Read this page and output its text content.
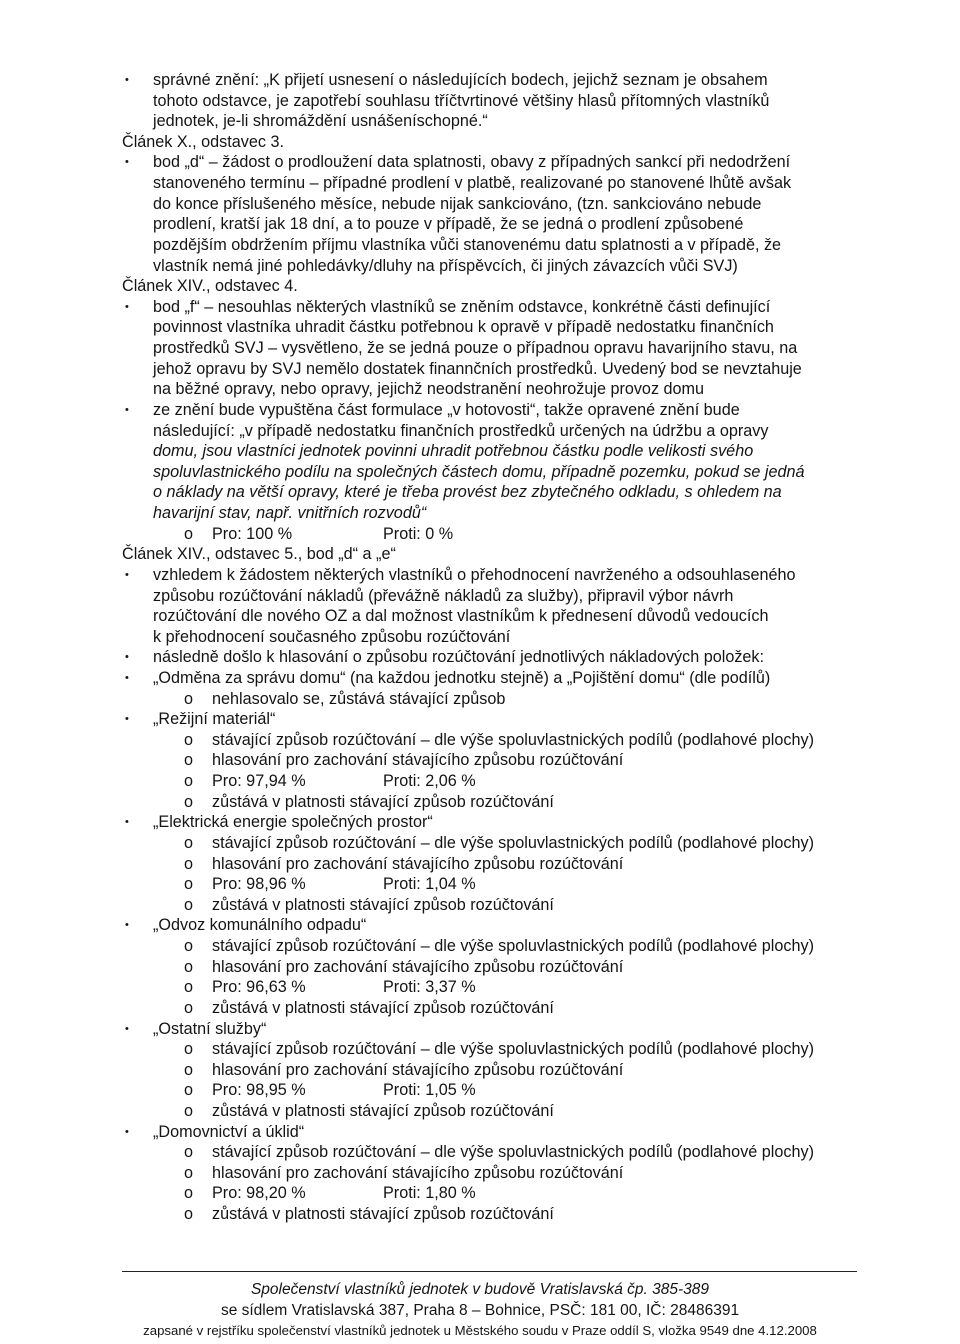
Společenství vlastníků jednotek v budově Vratislavská čp. 385-389
se sídlem Vratislavská 387, Praha 8 – Bohnice, PSČ: 181 00, IČ: 28486391
zapsané v rejstříku společenství vlastníků jednotek u Městského soudu v Praze oddíl S, vložka 9549 dne 4.12.2008
• správné znění: „K přijetí usnesení o následujících bodech, jejichž seznam je obsahem
tohoto odstavce, je zapotřebí souhlasu tříčtvrtinové většiny hlasů přítomných vlastníků
jednotek, je-li shromáždění usnášeníschopné.“
Článek X., odstavec 3.
• bod „d“ – žádost o prodloužení data splatnosti, obavy z případných sankcí při nedodržení
stanoveného termínu – případné prodlení v platbě, realizované po stanovené lhůtě avšak
do konce příslušeného měsíce, nebude nijak sankciováno, (tzn. sankciováno nebude
prodlení, kratší jak 18 dní, a to pouze v případě, že se jedná o prodlení způsobené
pozdějším obdržením příjmu vlastníka vůči stanovenému datu splatnosti a v případě, že
vlastník nemá jiné pohledávky/dluhy na příspěvcích, či jiných závazcích vůči SVJ)
Článek XIV., odstavec 4.
• bod „f“ – nesouhlas některých vlastníků se zněním odstavce, konkrétně části definující
povinnost vlastníka uhradit částku potřebnou k opravě v případě nedostatku finančních
prostředků SVJ – vysvětleno, že se jedná pouze o případnou opravu havarijního stavu, na
jehož opravu by SVJ nemělo dostatek finannčních prostředků. Uvedený bod se nevztahuje
na běžné opravy, nebo opravy, jejichž neodstranění neohrožuje provoz domu
• ze znění bude vypuštěna část formulace „v hotovosti“, takže opravené znění bude
následující: „v případě nedostatku finančních prostředků určených na údržbu a opravy
domu, jsou vlastníci jednotek povinni uhradit potřebnou částku podle velikosti svého
spoluvlastnického podílu na společných částech domu, případně pozemku, pokud se jedná
o náklady na větší opravy, které je třeba provést bez zbytečného odkladu, s ohledem na
havarijní stav, např. vnitřních rozvodů“
o Pro: 100 %	Proti: 0 %
Článek XIV., odstavec 5., bod „d“ a „e“
• vzhledem k žádostem některých vlastníků o přehodnocení navrženého a odsouhlaseného
způsobu rozúčtování nákladů (převážně nákladů za služby), připravil výbor návrh
rozúčtování dle nového OZ a dal možnost vlastníkům k přednesení důvodů vedoucích
k přehodnocení současného způsobu rozúčtování
• následně došlo k hlasování o způsobu rozúčtování jednotlivých nákladových položek:
• „Odměna za správu domu“ (na každou jednotku stejně) a „Pojištění domu“ (dle podílů)
o nehlasovalo se, zůstává stávající způsob
• „Režijní materiál“
o stávající způsob rozúčtování – dle výše spoluvlastnických podílů (podlahové plochy)
o hlasování pro zachování stávajícího způsobu rozúčtování
o Pro: 97,94 %	Proti: 2,06 %
o zůstává v platnosti stávající způsob rozúčtování
• „Elektrická energie společných prostor“
o stávající způsob rozúčtování – dle výše spoluvlastnických podílů (podlahové plochy)
o hlasování pro zachování stávajícího způsobu rozúčtování
o Pro: 98,96 %	Proti: 1,04 %
o zůstává v platnosti stávající způsob rozúčtování
• „Odvoz komunálního odpadu“
o stávající způsob rozúčtování – dle výše spoluvlastnických podílů (podlahové plochy)
o hlasování pro zachování stávajícího způsobu rozúčtování
o Pro: 96,63 %	Proti: 3,37 %
o zůstává v platnosti stávající způsob rozúčtování
• „Ostatní služby“
o stávající způsob rozúčtování – dle výše spoluvlastnických podílů (podlahové plochy)
o hlasování pro zachování stávajícího způsobu rozúčtování
o Pro: 98,95 %	Proti: 1,05 %
o zůstává v platnosti stávající způsob rozúčtování
• „Domovnictví a úklid“
o stávající způsob rozúčtování – dle výše spoluvlastnických podílů (podlahové plochy)
o hlasování pro zachování stávajícího způsobu rozúčtování
o Pro: 98,20 %	Proti: 1,80 %
o zůstává v platnosti stávající způsob rozúčtování
